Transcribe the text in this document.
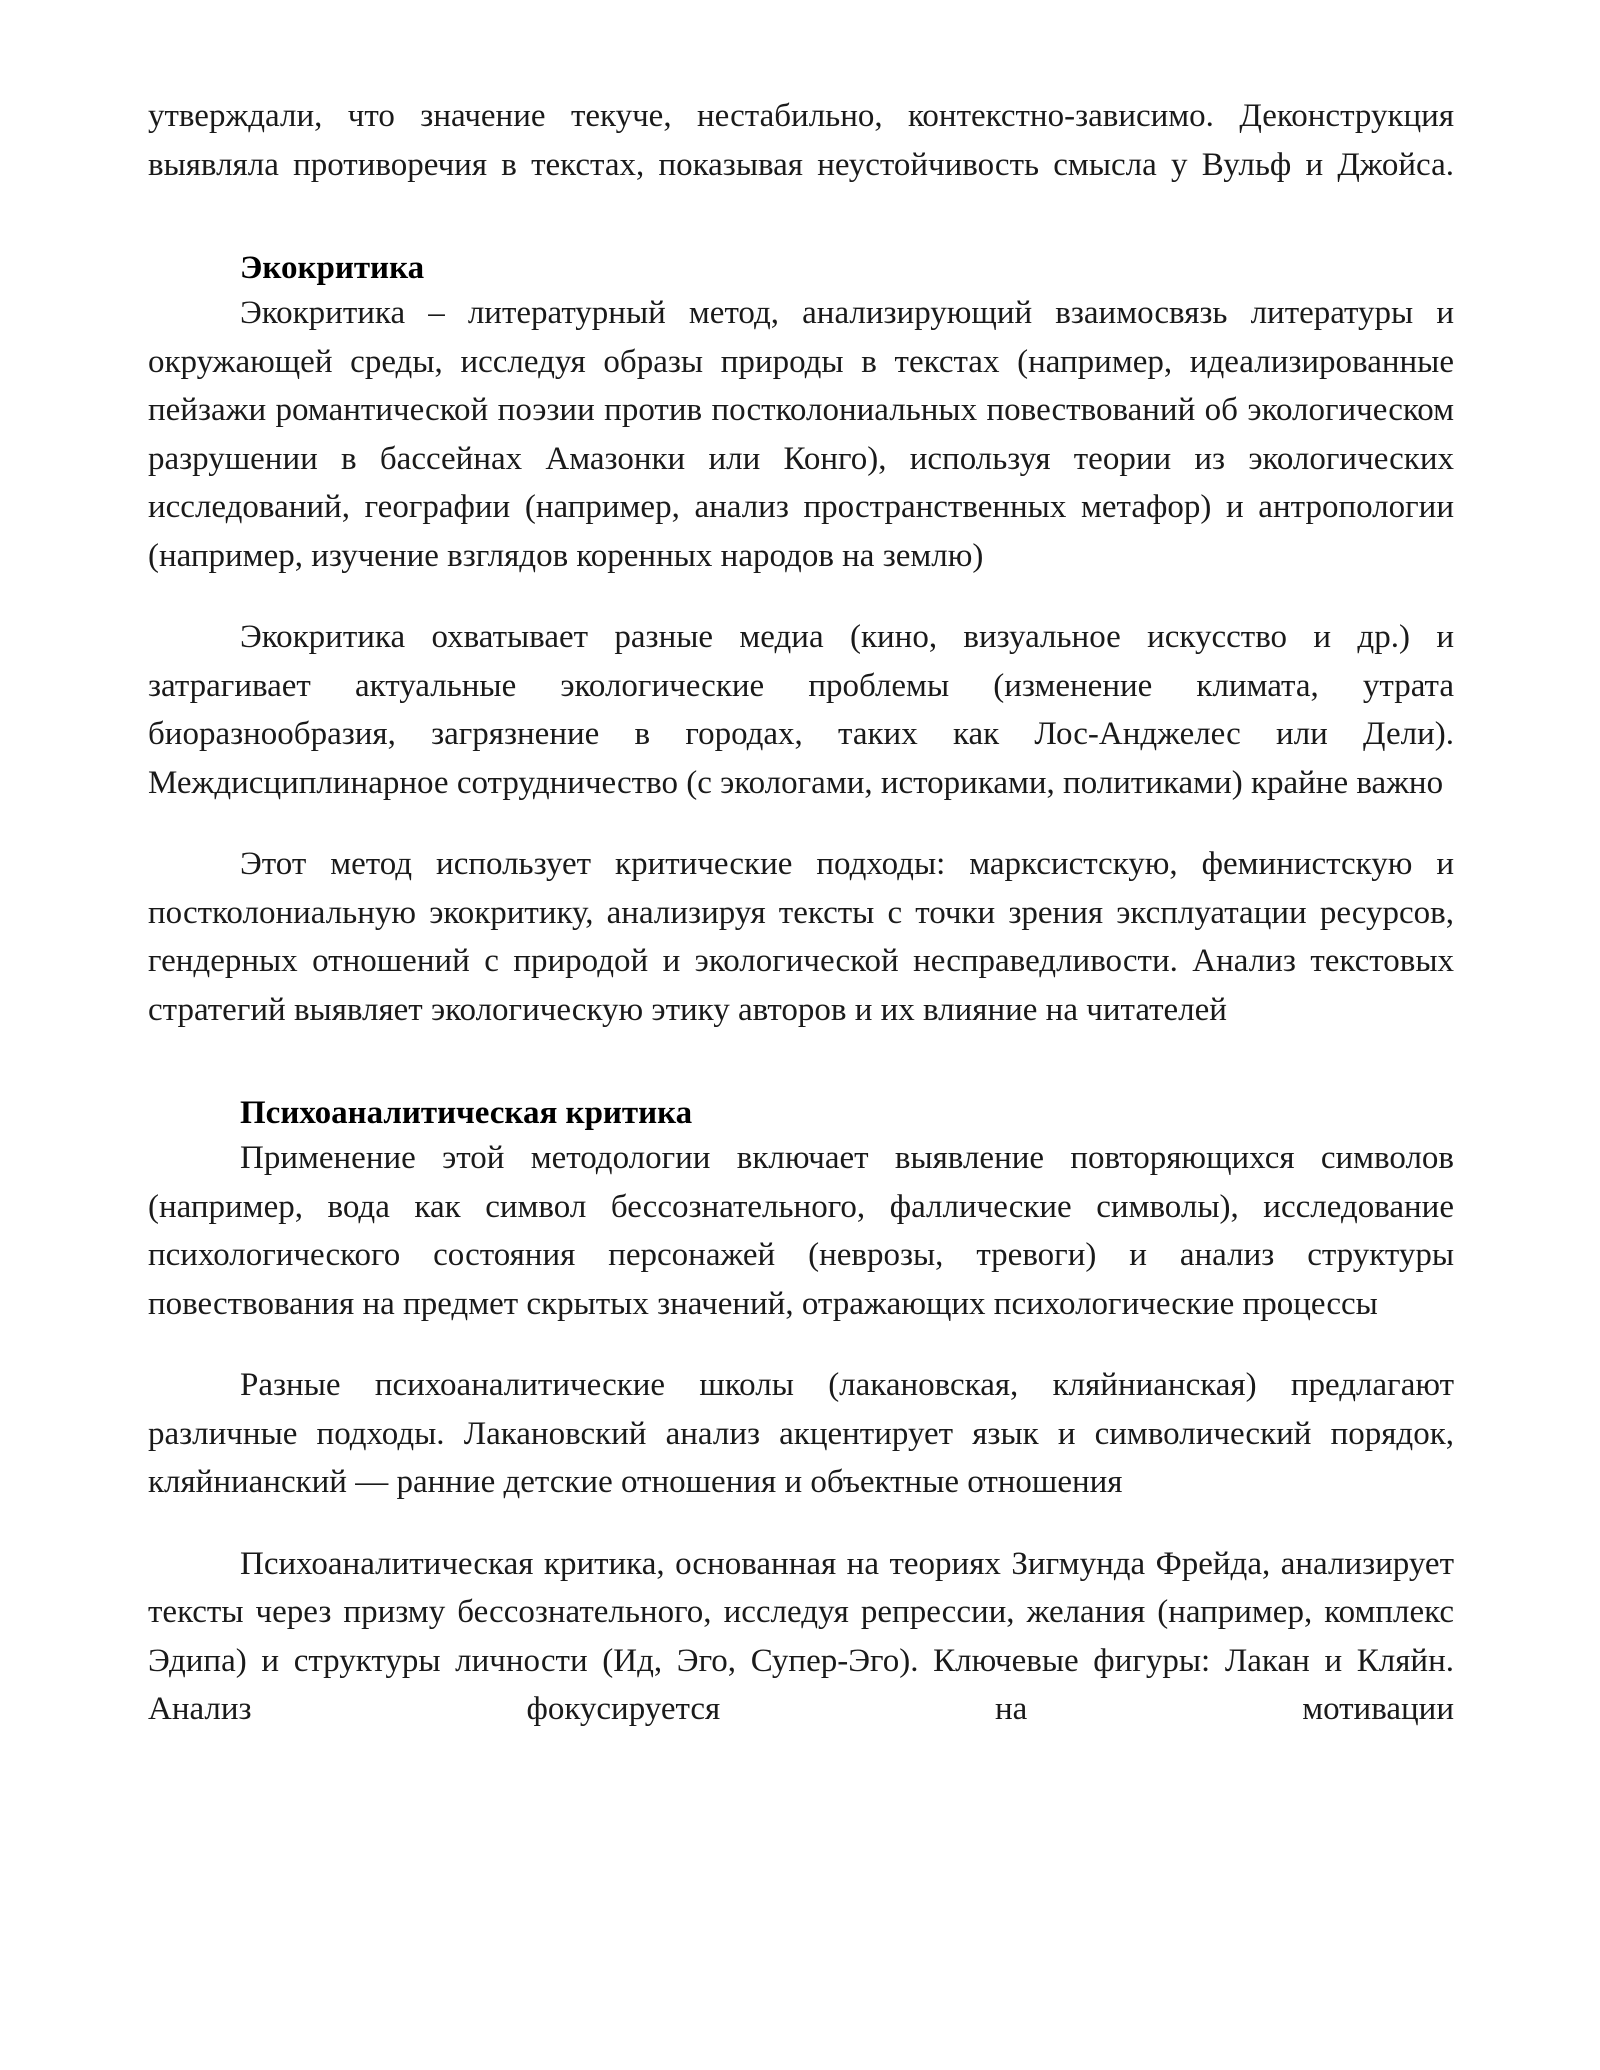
утверждали, что значение текуче, нестабильно, контекстно-зависимо. Деконструкция выявляла противоречия в текстах, показывая неустойчивость смысла у Вульф и Джойса.

Экокритика

Экокритика – литературный метод, анализирующий взаимосвязь литературы и окружающей среды, исследуя образы природы в текстах (например, идеализированные пейзажи романтической поэзии против постколониальных повествований об экологическом разрушении в бассейнах Амазонки или Конго), используя теории из экологических исследований, географии (например, анализ пространственных метафор) и антропологии (например, изучение взглядов коренных народов на землю)

Экокритика охватывает разные медиа (кино, визуальное искусство и др.) и затрагивает актуальные экологические проблемы (изменение климата, утрата биоразнообразия, загрязнение в городах, таких как Лос-Анджелес или Дели). Междисциплинарное сотрудничество (с экологами, историками, политиками) крайне важно

Этот метод использует критические подходы: марксистскую, феминистскую и постколониальную экокритику, анализируя тексты с точки зрения эксплуатации ресурсов, гендерных отношений с природой и экологической несправедливости. Анализ текстовых стратегий выявляет экологическую этику авторов и их влияние на читателей

Психоаналитическая критика

Применение этой методологии включает выявление повторяющихся символов (например, вода как символ бессознательного, фаллические символы), исследование психологического состояния персонажей (неврозы, тревоги) и анализ структуры повествования на предмет скрытых значений, отражающих психологические процессы

Разные психоаналитические школы (лакановская, кляйнианская) предлагают различные подходы. Лакановский анализ акцентирует язык и символический порядок, кляйнианский — ранние детские отношения и объектные отношения

Психоаналитическая критика, основанная на теориях Зигмунда Фрейда, анализирует тексты через призму бессознательного, исследуя репрессии, желания (например, комплекс Эдипа) и структуры личности (Ид, Эго, Супер-Эго). Ключевые фигуры: Лакан и Кляйн. Анализ фокусируется на мотивации
